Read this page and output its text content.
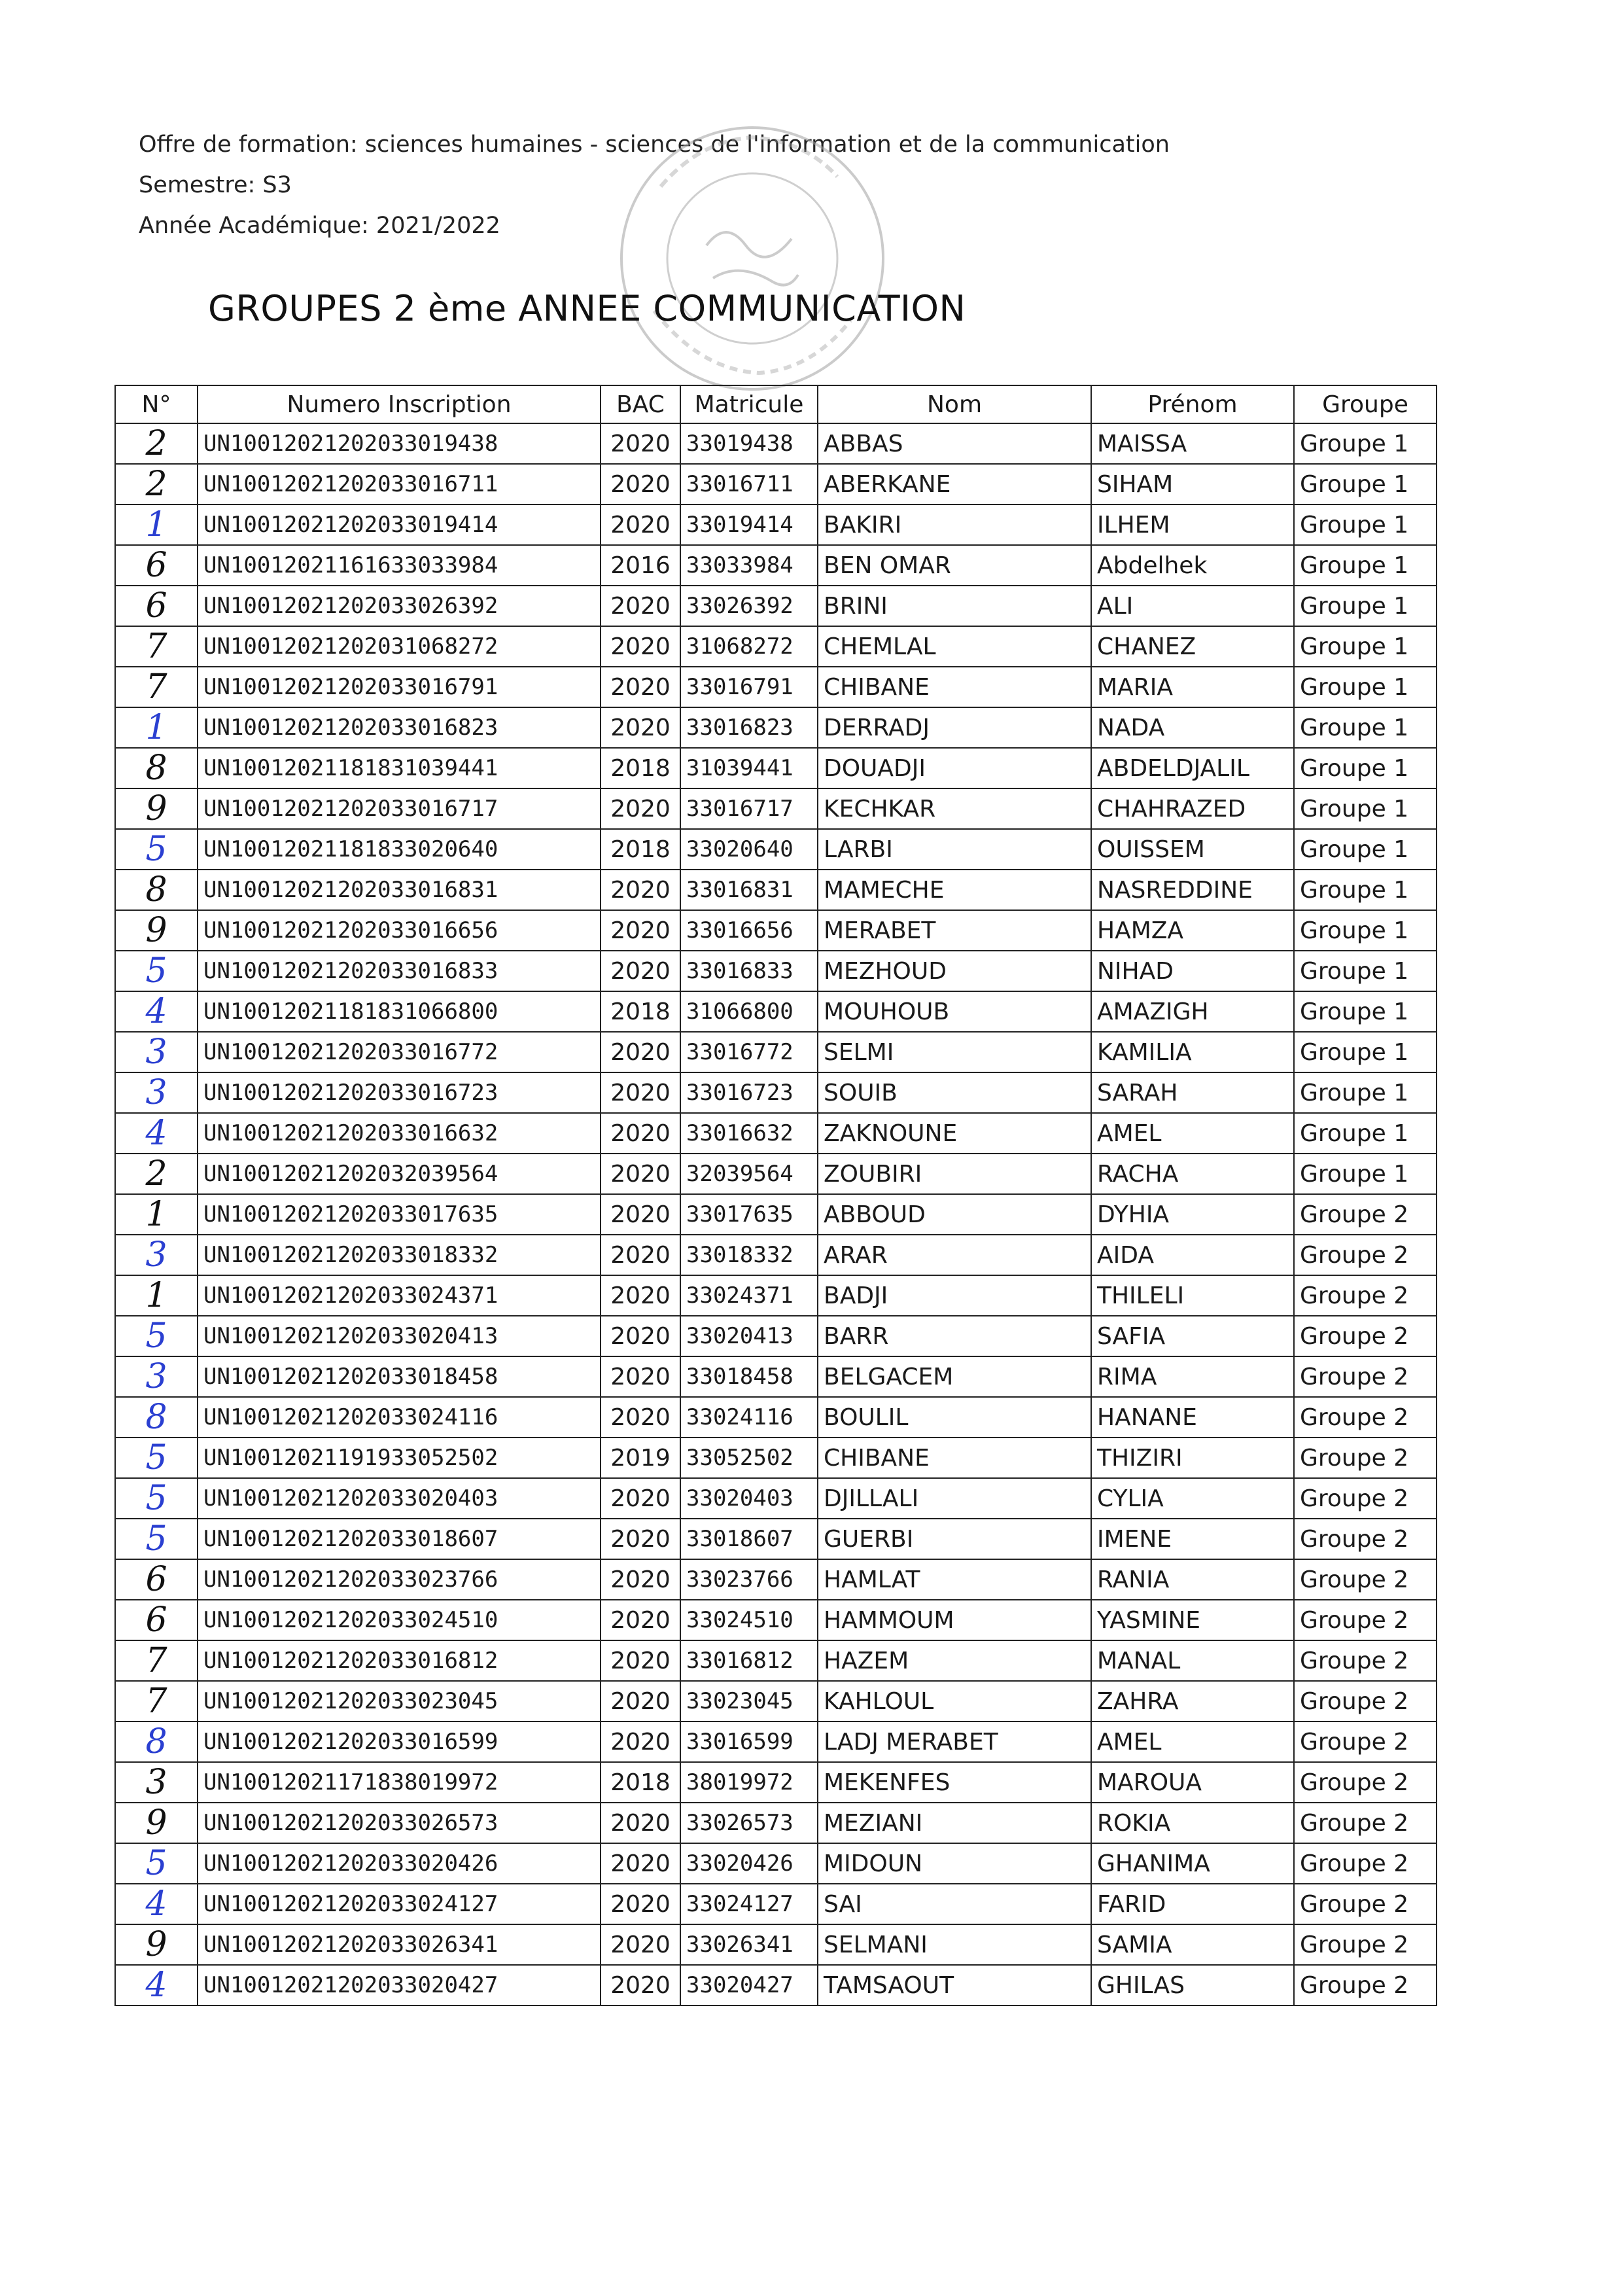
Offre de formation: sciences humaines - sciences de l'information et de la communication
Semestre: S3
Année Académique: 2021/2022
GROUPES 2 ème ANNEE COMMUNICATION
N°	Numero Inscription	BAC	Matricule	Nom	Prénom	Groupe
2	UN10012021202033019438	2020	33019438	ABBAS	MAISSA	Groupe 1
2	UN10012021202033016711	2020	33016711	ABERKANE	SIHAM	Groupe 1
1	UN10012021202033019414	2020	33019414	BAKIRI	ILHEM	Groupe 1
6	UN10012021161633033984	2016	33033984	BEN OMAR	Abdelhek	Groupe 1
6	UN10012021202033026392	2020	33026392	BRINI	ALI	Groupe 1
7	UN10012021202031068272	2020	31068272	CHEMLAL	CHANEZ	Groupe 1
7	UN10012021202033016791	2020	33016791	CHIBANE	MARIA	Groupe 1
1	UN10012021202033016823	2020	33016823	DERRADJ	NADA	Groupe 1
8	UN10012021181831039441	2018	31039441	DOUADJI	ABDELDJALIL	Groupe 1
9	UN10012021202033016717	2020	33016717	KECHKAR	CHAHRAZED	Groupe 1
5	UN10012021181833020640	2018	33020640	LARBI	OUISSEM	Groupe 1
8	UN10012021202033016831	2020	33016831	MAMECHE	NASREDDINE	Groupe 1
9	UN10012021202033016656	2020	33016656	MERABET	HAMZA	Groupe 1
5	UN10012021202033016833	2020	33016833	MEZHOUD	NIHAD	Groupe 1
4	UN10012021181831066800	2018	31066800	MOUHOUB	AMAZIGH	Groupe 1
3	UN10012021202033016772	2020	33016772	SELMI	KAMILIA	Groupe 1
3	UN10012021202033016723	2020	33016723	SOUIB	SARAH	Groupe 1
4	UN10012021202033016632	2020	33016632	ZAKNOUNE	AMEL	Groupe 1
2	UN10012021202032039564	2020	32039564	ZOUBIRI	RACHA	Groupe 1
1	UN10012021202033017635	2020	33017635	ABBOUD	DYHIA	Groupe 2
3	UN10012021202033018332	2020	33018332	ARAR	AIDA	Groupe 2
1	UN10012021202033024371	2020	33024371	BADJI	THILELI	Groupe 2
5	UN10012021202033020413	2020	33020413	BARR	SAFIA	Groupe 2
3	UN10012021202033018458	2020	33018458	BELGACEM	RIMA	Groupe 2
8	UN10012021202033024116	2020	33024116	BOULIL	HANANE	Groupe 2
5	UN10012021191933052502	2019	33052502	CHIBANE	THIZIRI	Groupe 2
5	UN10012021202033020403	2020	33020403	DJILLALI	CYLIA	Groupe 2
5	UN10012021202033018607	2020	33018607	GUERBI	IMENE	Groupe 2
6	UN10012021202033023766	2020	33023766	HAMLAT	RANIA	Groupe 2
6	UN10012021202033024510	2020	33024510	HAMMOUM	YASMINE	Groupe 2
7	UN10012021202033016812	2020	33016812	HAZEM	MANAL	Groupe 2
7	UN10012021202033023045	2020	33023045	KAHLOUL	ZAHRA	Groupe 2
8	UN10012021202033016599	2020	33016599	LADJ MERABET	AMEL	Groupe 2
3	UN10012021171838019972	2018	38019972	MEKENFES	MAROUA	Groupe 2
9	UN10012021202033026573	2020	33026573	MEZIANI	ROKIA	Groupe 2
5	UN10012021202033020426	2020	33020426	MIDOUN	GHANIMA	Groupe 2
4	UN10012021202033024127	2020	33024127	SAI	FARID	Groupe 2
9	UN10012021202033026341	2020	33026341	SELMANI	SAMIA	Groupe 2
4	UN10012021202033020427	2020	33020427	TAMSAOUT	GHILAS	Groupe 2
